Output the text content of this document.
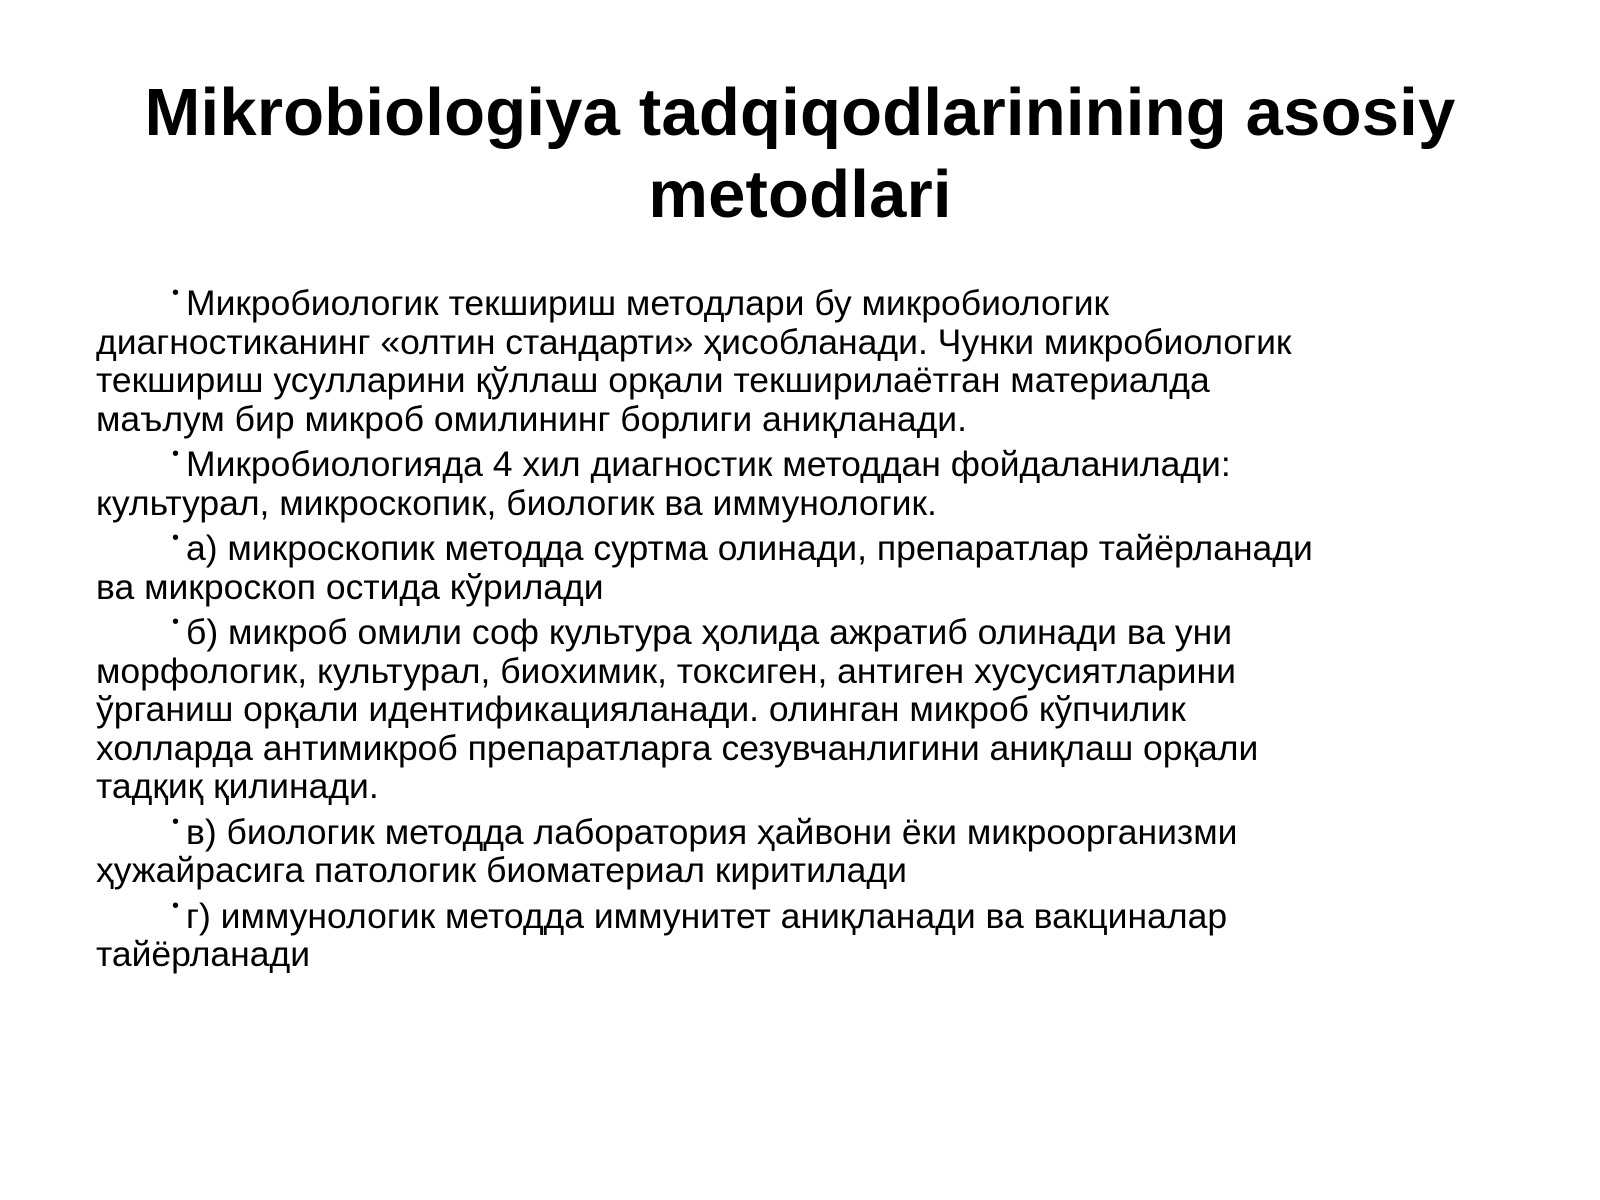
Mikrobiologiya tadqiqodlarinining asosiy
metodlari
• Микробиологик текшириш методлари бу микробиологик
диагностиканинг «олтин стандарти» ҳисобланади. Чунки микробиологик
текшириш усулларини қўллаш орқали текширилаётган материалда
маълум бир микроб омилининг борлиги аниқланади.
• Микробиологияда 4 хил диагностик методдан фойдаланилади:
культурал, микроскопик, биологик ва иммунологик.
• а) микроскопик методда суртма олинади, препаратлар тайёрланади
ва микроскоп остида кўрилади
• б) микроб омили соф культура ҳолида ажратиб олинади ва уни
морфологик, культурал, биохимик, токсиген, антиген хусусиятларини
ўрганиш орқали идентификацияланади. олинган микроб кўпчилик
холларда антимикроб препаратларга сезувчанлигини аниқлаш орқали
тадқиқ қилинади.
• в) биологик методда лаборатория ҳайвони ёки микроорганизми
ҳужайрасига патологик биоматериал киритилади
• г) иммунологик методда иммунитет аниқланади ва вакциналар
тайёрланади
